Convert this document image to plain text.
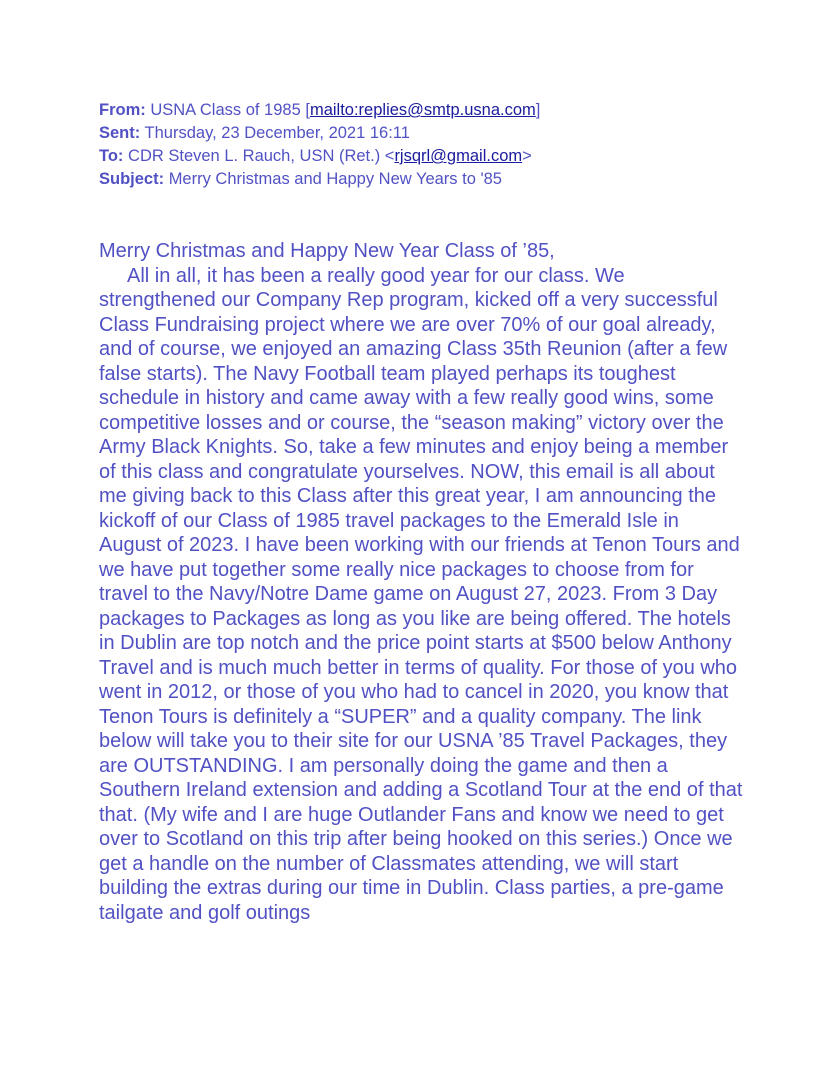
From: USNA Class of 1985 [mailto:replies@smtp.usna.com]
Sent: Thursday, 23 December, 2021 16:11
To: CDR Steven L. Rauch, USN (Ret.) <rjsqrl@gmail.com>
Subject: Merry Christmas and Happy New Years to '85

Merry Christmas and Happy New Year Class of ’85,

All in all, it has been a really good year for our class. We strengthened our Company Rep program, kicked off a very successful Class Fundraising project where we are over 70% of our goal already, and of course, we enjoyed an amazing Class 35th Reunion (after a few false starts). The Navy Football team played perhaps its toughest schedule in history and came away with a few really good wins, some competitive losses and or course, the “season making” victory over the Army Black Knights. So, take a few minutes and enjoy being a member of this class and congratulate yourselves. NOW, this email is all about me giving back to this Class after this great year, I am announcing the kickoff of our Class of 1985 travel packages to the Emerald Isle in August of 2023. I have been working with our friends at Tenon Tours and we have put together some really nice packages to choose from for travel to the Navy/Notre Dame game on August 27, 2023. From 3 Day packages to Packages as long as you like are being offered. The hotels in Dublin are top notch and the price point starts at $500 below Anthony Travel and is much much better in terms of quality. For those of you who went in 2012, or those of you who had to cancel in 2020, you know that Tenon Tours is definitely a “SUPER” and a quality company. The link below will take you to their site for our USNA ’85 Travel Packages, they are OUTSTANDING. I am personally doing the game and then a Southern Ireland extension and adding a Scotland Tour at the end of that that. (My wife and I are huge Outlander Fans and know we need to get over to Scotland on this trip after being hooked on this series.) Once we get a handle on the number of Classmates attending, we will start building the extras during our time in Dublin. Class parties, a pre-game tailgate and golf outings
